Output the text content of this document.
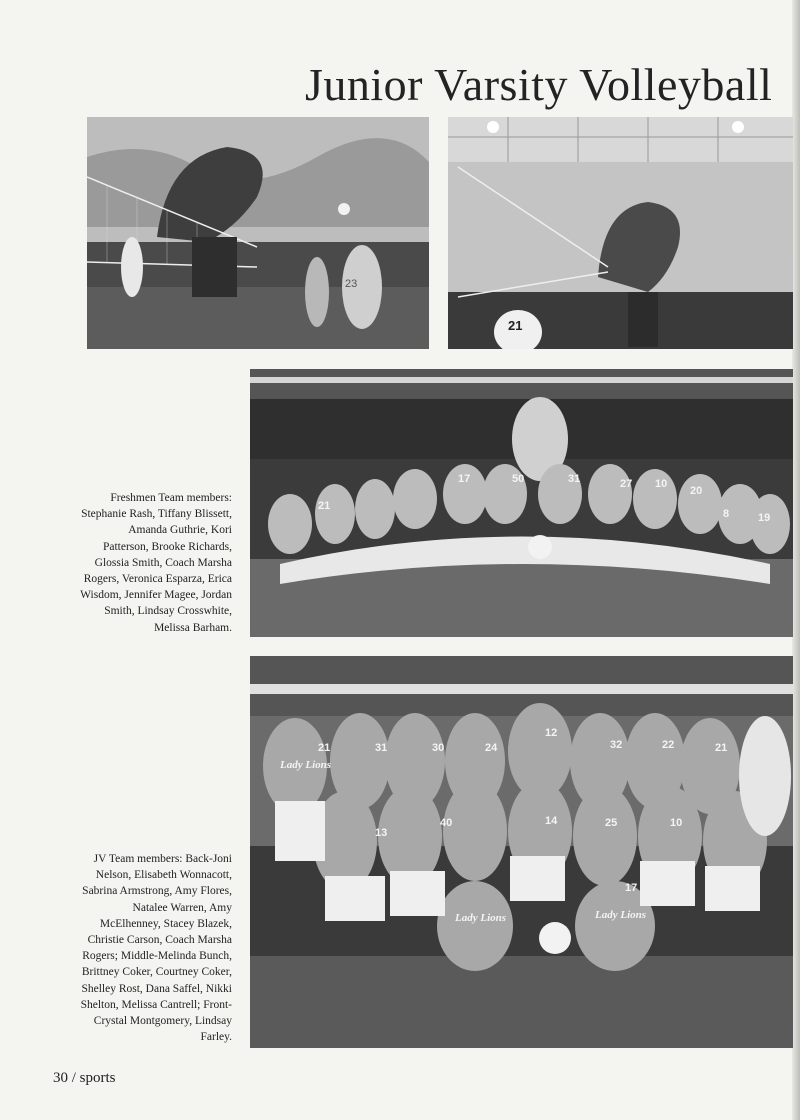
Junior Varsity Volleyball
23
21
17	50	31	27 10
20
8	19
21
Freshmen Team members: Stephanie Rash, Tiffany Blissett, Amanda Guthrie, Kori Patterson, Brooke Richards, Glossia Smith, Coach Marsha Rogers, Veronica Esparza, Erica Wisdom, Jennifer Magee, Jordan Smith, Lindsay Crosswhite, Melissa Barham.
Lady Lions
Lady Lions	Lady Lions
21	31	30	24
12
32	22	21
13
40	14	25	10
17
JV Team members: Back-Joni Nelson, Elisabeth Wonnacott, Sabrina Armstrong, Amy Flores, Natalee Warren, Amy McElhenney, Stacey Blazek, Christie Carson, Coach Marsha Rogers; Middle-Melinda Bunch, Brittney Coker, Courtney Coker, Shelley Rost, Dana Saffel, Nikki Shelton, Melissa Cantrell; Front-Crystal Montgomery, Lindsay Farley.
30 / sports
